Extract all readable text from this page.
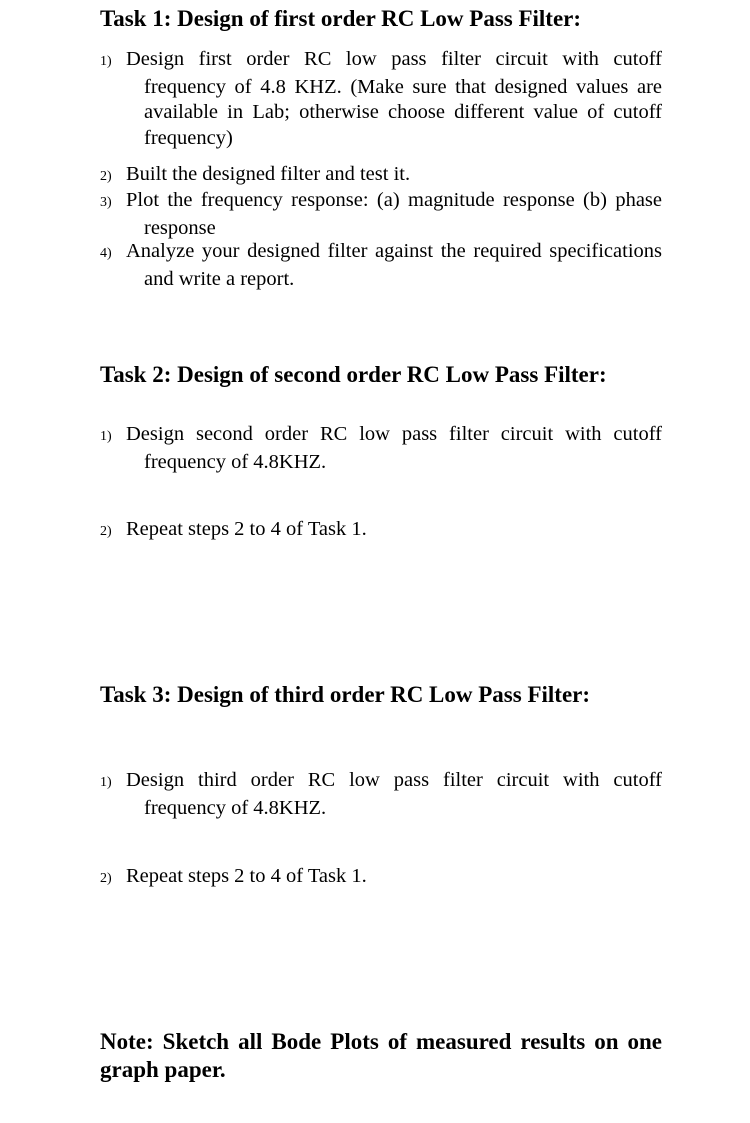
Task 1: Design of first order RC Low Pass Filter:
1) Design first order RC low pass filter circuit with cutoff frequency of 4.8 KHZ. (Make sure that designed values are available in Lab; otherwise choose different value of cutoff frequency)
2) Built the designed filter and test it.
3) Plot the frequency response: (a) magnitude response (b) phase response
4) Analyze your designed filter against the required specifications and write a report.
Task 2: Design of second order RC Low Pass Filter:
1) Design second order RC low pass filter circuit with cutoff frequency of 4.8KHZ.
2) Repeat steps 2 to 4 of Task 1.
Task 3: Design of third order RC Low Pass Filter:
1) Design third order RC low pass filter circuit with cutoff frequency of 4.8KHZ.
2) Repeat steps 2 to 4 of Task 1.
Note: Sketch all Bode Plots of measured results on one graph paper.
